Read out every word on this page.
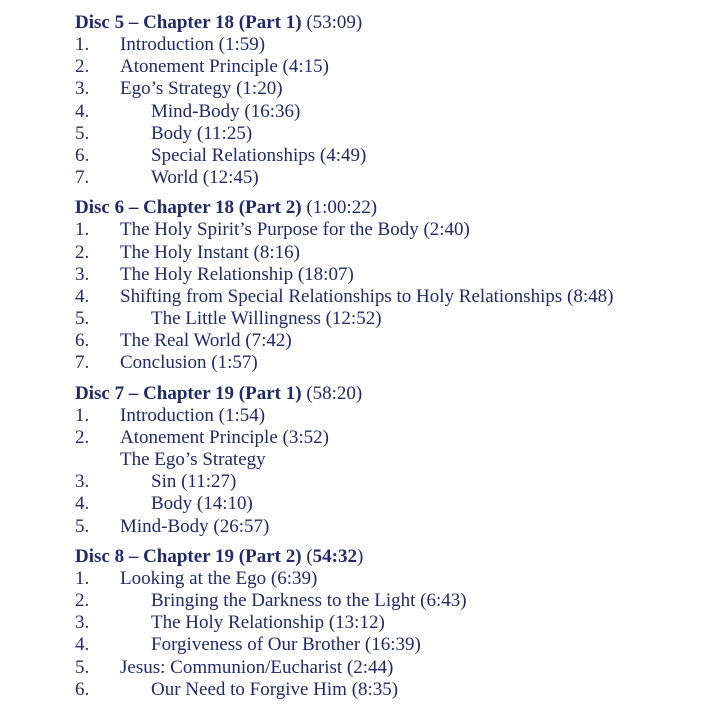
Disc 5 – Chapter 18 (Part 1) (53:09)
1. Introduction (1:59)
2. Atonement Principle (4:15)
3. Ego’s Strategy (1:20)
4.	Mind-Body (16:36)
5.	Body (11:25)
6.	Special Relationships (4:49)
7.	World (12:45)
Disc 6 – Chapter 18 (Part 2) (1:00:22)
1. The Holy Spirit’s Purpose for the Body (2:40)
2. The Holy Instant (8:16)
3. The Holy Relationship (18:07)
4. Shifting from Special Relationships to Holy Relationships (8:48)
5.	The Little Willingness (12:52)
6. The Real World (7:42)
7. Conclusion (1:57)
Disc 7 – Chapter 19 (Part 1) (58:20)
1. Introduction (1:54)
2. Atonement Principle (3:52)
The Ego’s Strategy
3.	Sin (11:27)
4.	Body (14:10)
5. Mind-Body (26:57)
Disc 8 – Chapter 19 (Part 2) (54:32)
1. Looking at the Ego (6:39)
2.	Bringing the Darkness to the Light (6:43)
3.	The Holy Relationship (13:12)
4.	Forgiveness of Our Brother (16:39)
5. Jesus: Communion/Eucharist (2:44)
6.	Our Need to Forgive Him (8:35)
